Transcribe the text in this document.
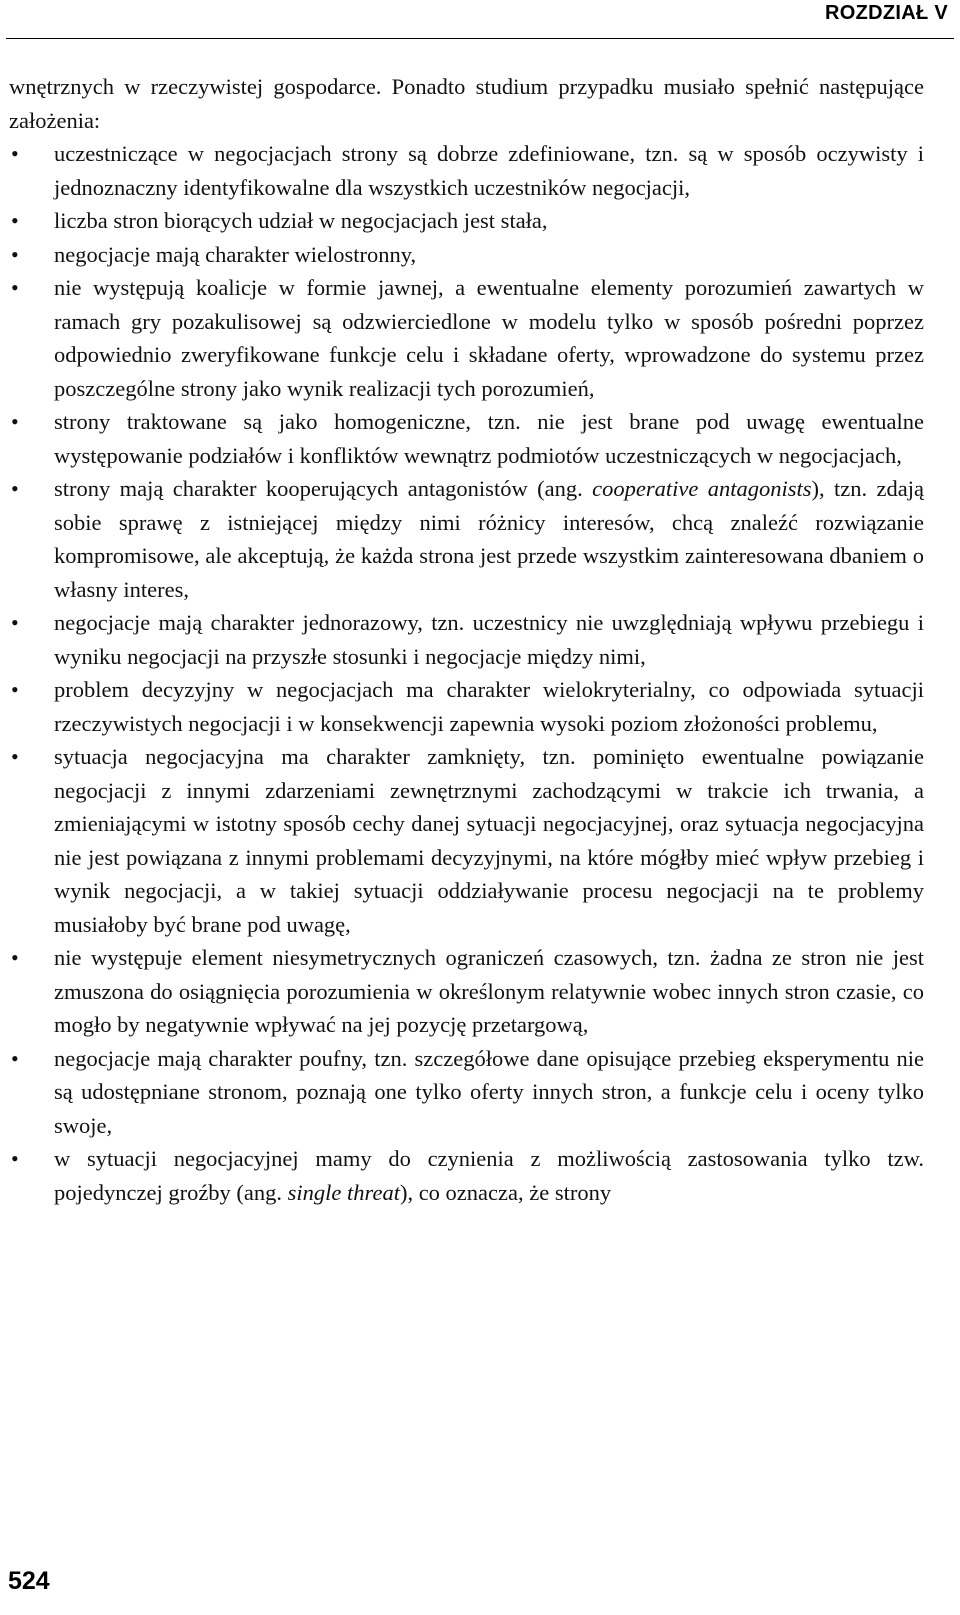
ROZDZIAŁ V

wnętrznych w rzeczywistej gospodarce. Ponadto studium przypadku musiało spełnić następujące założenia:

• uczestniczące w negocjacjach strony są dobrze zdefiniowane, tzn. są w sposób oczywisty i jednoznaczny identyfikowalne dla wszystkich uczestników negocjacji,
• liczba stron biorących udział w negocjacjach jest stała,
• negocjacje mają charakter wielostronny,
• nie występują koalicje w formie jawnej, a ewentualne elementy porozumień zawartych w ramach gry pozakulisowej są odzwierciedlone w modelu tylko w sposób pośredni poprzez odpowiednio zweryfikowane funkcje celu i składane oferty, wprowadzone do systemu przez poszczególne strony jako wynik realizacji tych porozumień,
• strony traktowane są jako homogeniczne, tzn. nie jest brane pod uwagę ewentualne występowanie podziałów i konfliktów wewnątrz podmiotów uczestniczących w negocjacjach,
• strony mają charakter kooperujących antagonistów (ang. cooperative antagonists), tzn. zdają sobie sprawę z istniejącej między nimi różnicy interesów, chcą znaleźć rozwiązanie kompromisowe, ale akceptują, że każda strona jest przede wszystkim zainteresowana dbaniem o własny interes,
• negocjacje mają charakter jednorazowy, tzn. uczestnicy nie uwzględniają wpływu przebiegu i wyniku negocjacji na przyszłe stosunki i negocjacje między nimi,
• problem decyzyjny w negocjacjach ma charakter wielokryterialny, co odpowiada sytuacji rzeczywistych negocjacji i w konsekwencji zapewnia wysoki poziom złożoności problemu,
• sytuacja negocjacyjna ma charakter zamknięty, tzn. pominięto ewentualne powiązanie negocjacji z innymi zdarzeniami zewnętrznymi zachodzącymi w trakcie ich trwania, a zmieniającymi w istotny sposób cechy danej sytuacji negocjacyjnej, oraz sytuacja negocjacyjna nie jest powiązana z innymi problemami decyzyjnymi, na które mógłby mieć wpływ przebieg i wynik negocjacji, a w takiej sytuacji oddziaływanie procesu negocjacji na te problemy musiałoby być brane pod uwagę,
• nie występuje element niesymetrycznych ograniczeń czasowych, tzn. żadna ze stron nie jest zmuszona do osiągnięcia porozumienia w określonym relatywnie wobec innych stron czasie, co mogło by negatywnie wpływać na jej pozycję przetargową,
• negocjacje mają charakter poufny, tzn. szczegółowe dane opisujące przebieg eksperymentu nie są udostępniane stronom, poznają one tylko oferty innych stron, a funkcje celu i oceny tylko swoje,
• w sytuacji negocjacyjnej mamy do czynienia z możliwością zastosowania tylko tzw. pojedynczej groźby (ang. single threat), co oznacza, że strony
524
